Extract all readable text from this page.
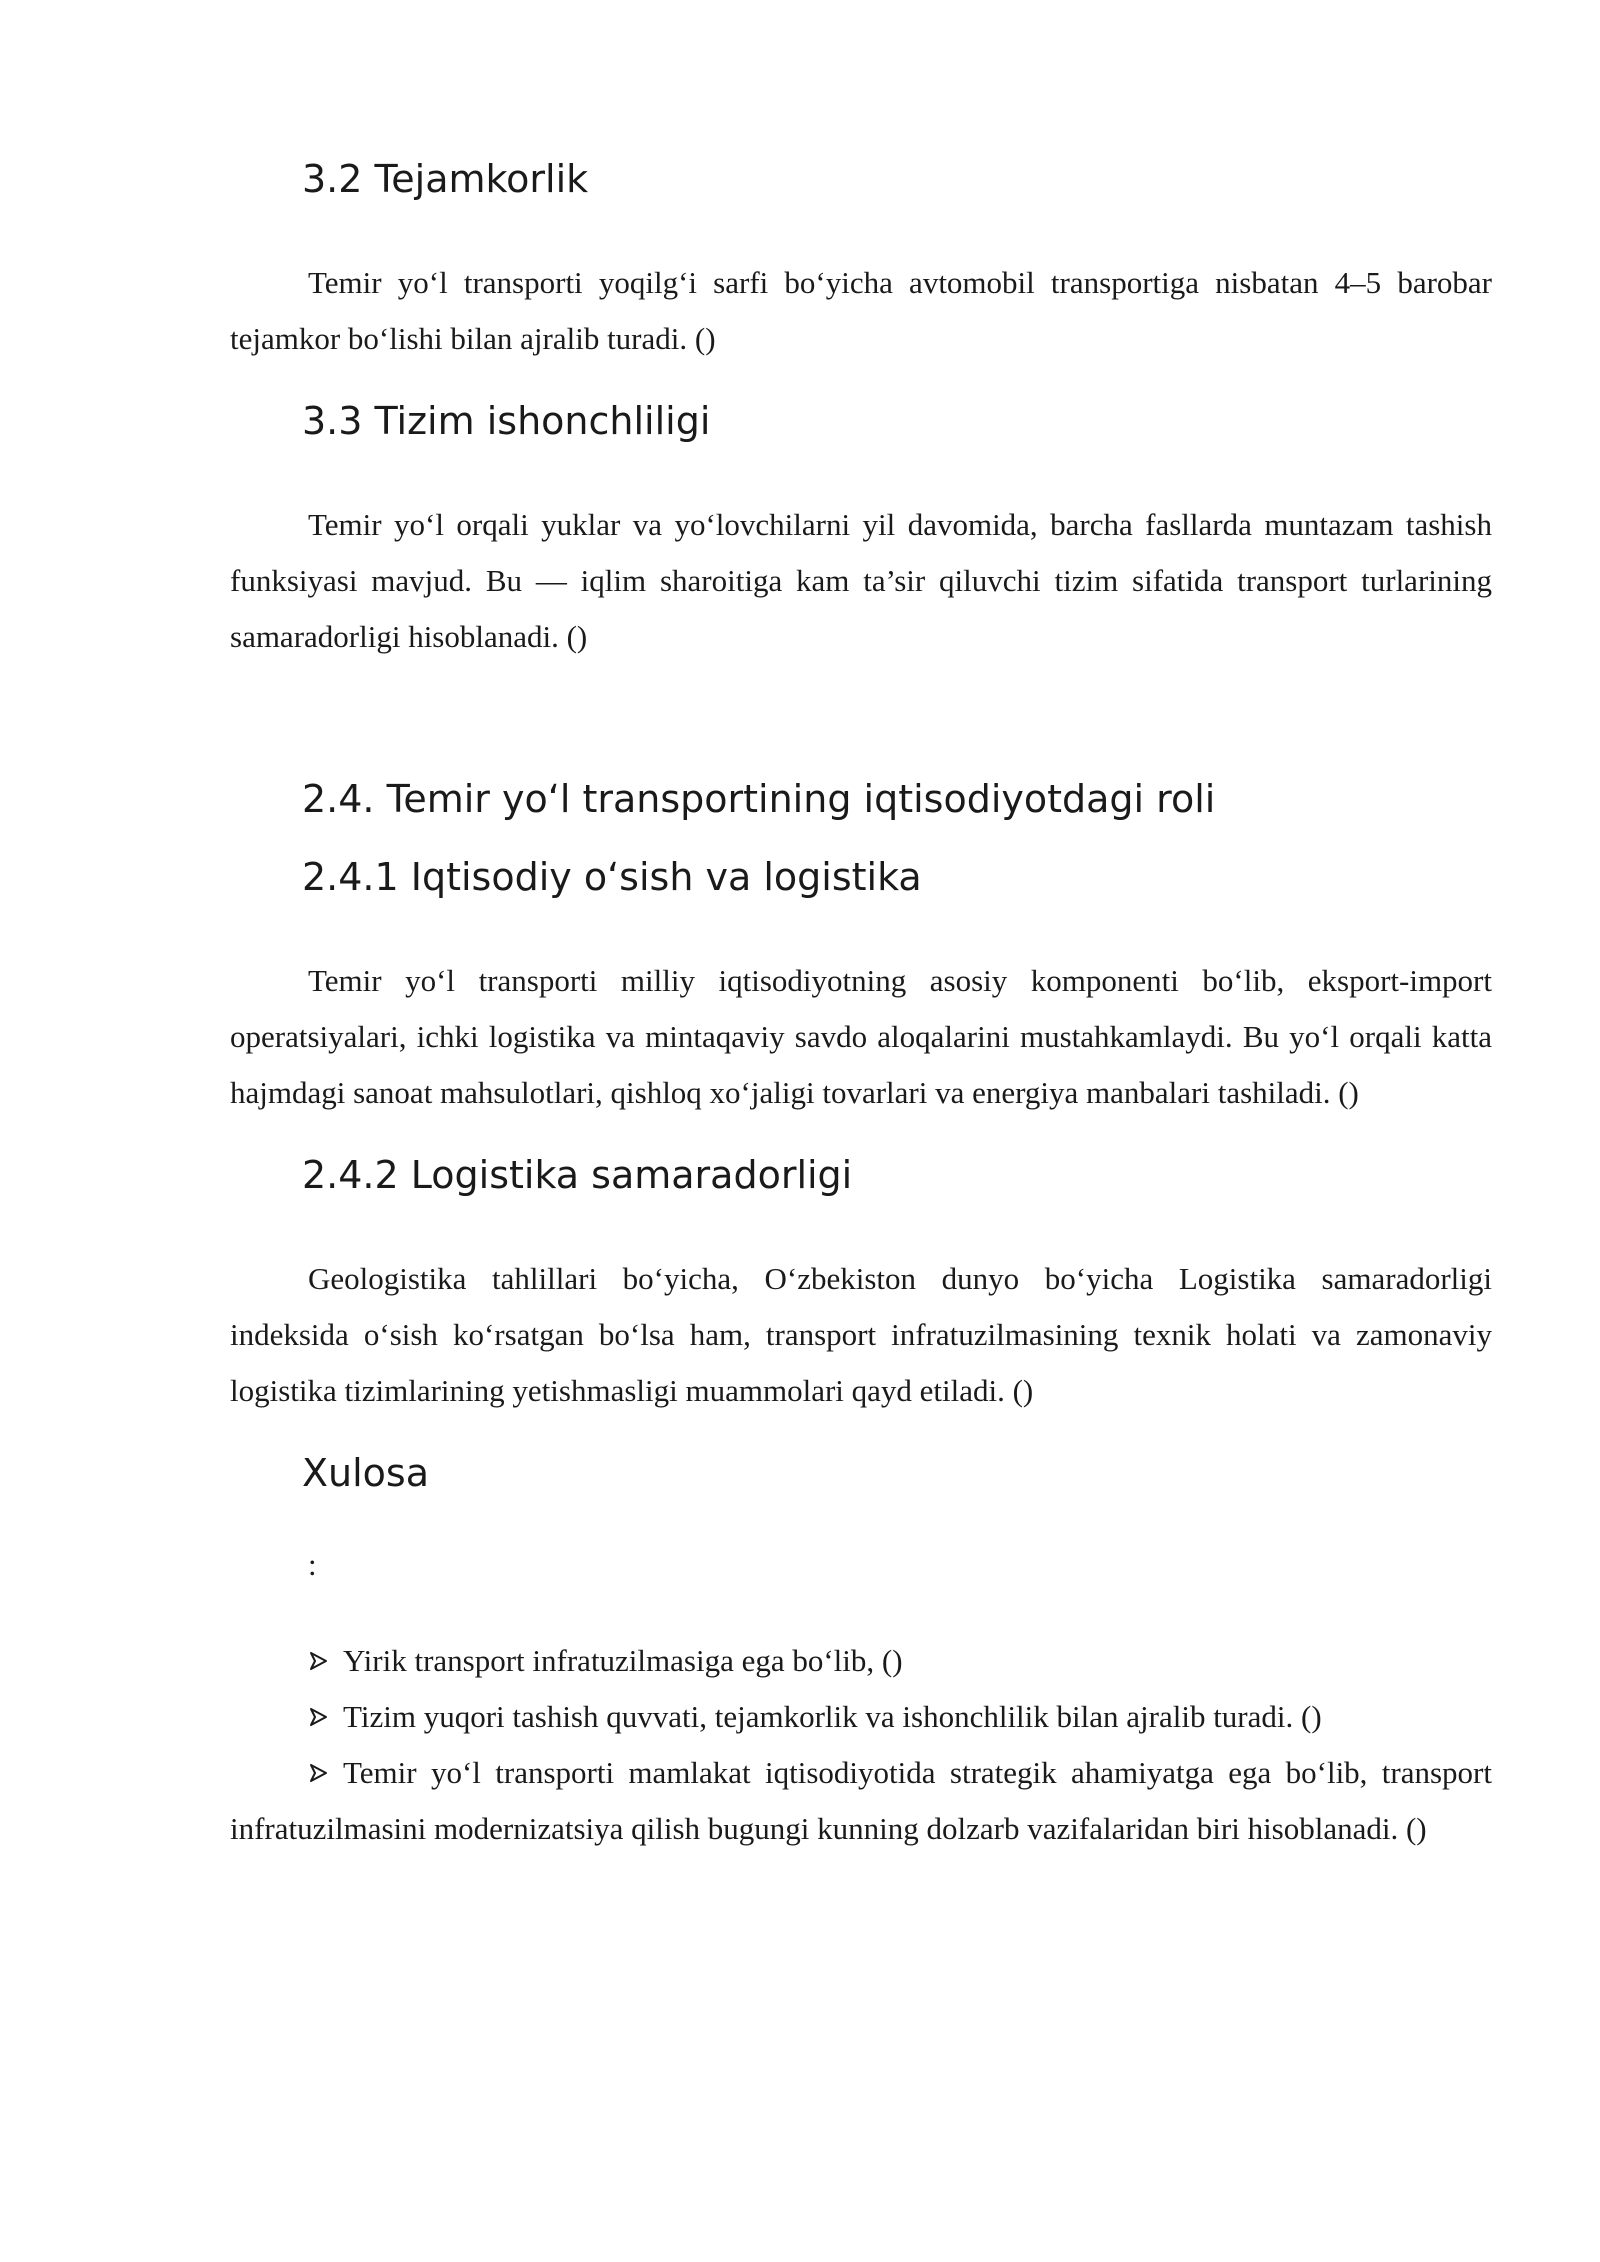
3.2 Tejamkorlik

Temir yo‘l transporti yoqilg‘i sarfi bo‘yicha avtomobil transportiga nisbatan 4–5 barobar tejamkor bo‘lishi bilan ajralib turadi. ()

3.3 Tizim ishonchliligi

Temir yo‘l orqali yuklar va yo‘lovchilarni yil davomida, barcha fasllarda muntazam tashish funksiyasi mavjud. Bu — iqlim sharoitiga kam ta’sir qiluvchi tizim sifatida transport turlarining samaradorligi hisoblanadi. ()

2.4. Temir yo‘l transportining iqtisodiyotdagi roli
2.4.1 Iqtisodiy o‘sish va logistika

Temir yo‘l transporti milliy iqtisodiyotning asosiy komponenti bo‘lib, eksport-import operatsiyalari, ichki logistika va mintaqaviy savdo aloqalarini mustahkamlaydi. Bu yo‘l orqali katta hajmdagi sanoat mahsulotlari, qishloq xo‘jaligi tovarlari va energiya manbalari tashiladi. ()

2.4.2 Logistika samaradorligi

Geologistika tahlillari bo‘yicha, O‘zbekiston dunyo bo‘yicha Logistika samaradorligi indeksida o‘sish ko‘rsatgan bo‘lsa ham, transport infratuzilmasining texnik holati va zamonaviy logistika tizimlarining yetishmasligi muammolari qayd etiladi. ()

Xulosa

:

Yirik transport infratuzilmasiga ega bo‘lib, ()
Tizim yuqori tashish quvvati, tejamkorlik va ishonchlilik bilan ajralib turadi. ()
Temir yo‘l transporti mamlakat iqtisodiyotida strategik ahamiyatga ega bo‘lib, transport infratuzilmasini modernizatsiya qilish bugungi kunning dolzarb vazifalaridan biri hisoblanadi. ()
